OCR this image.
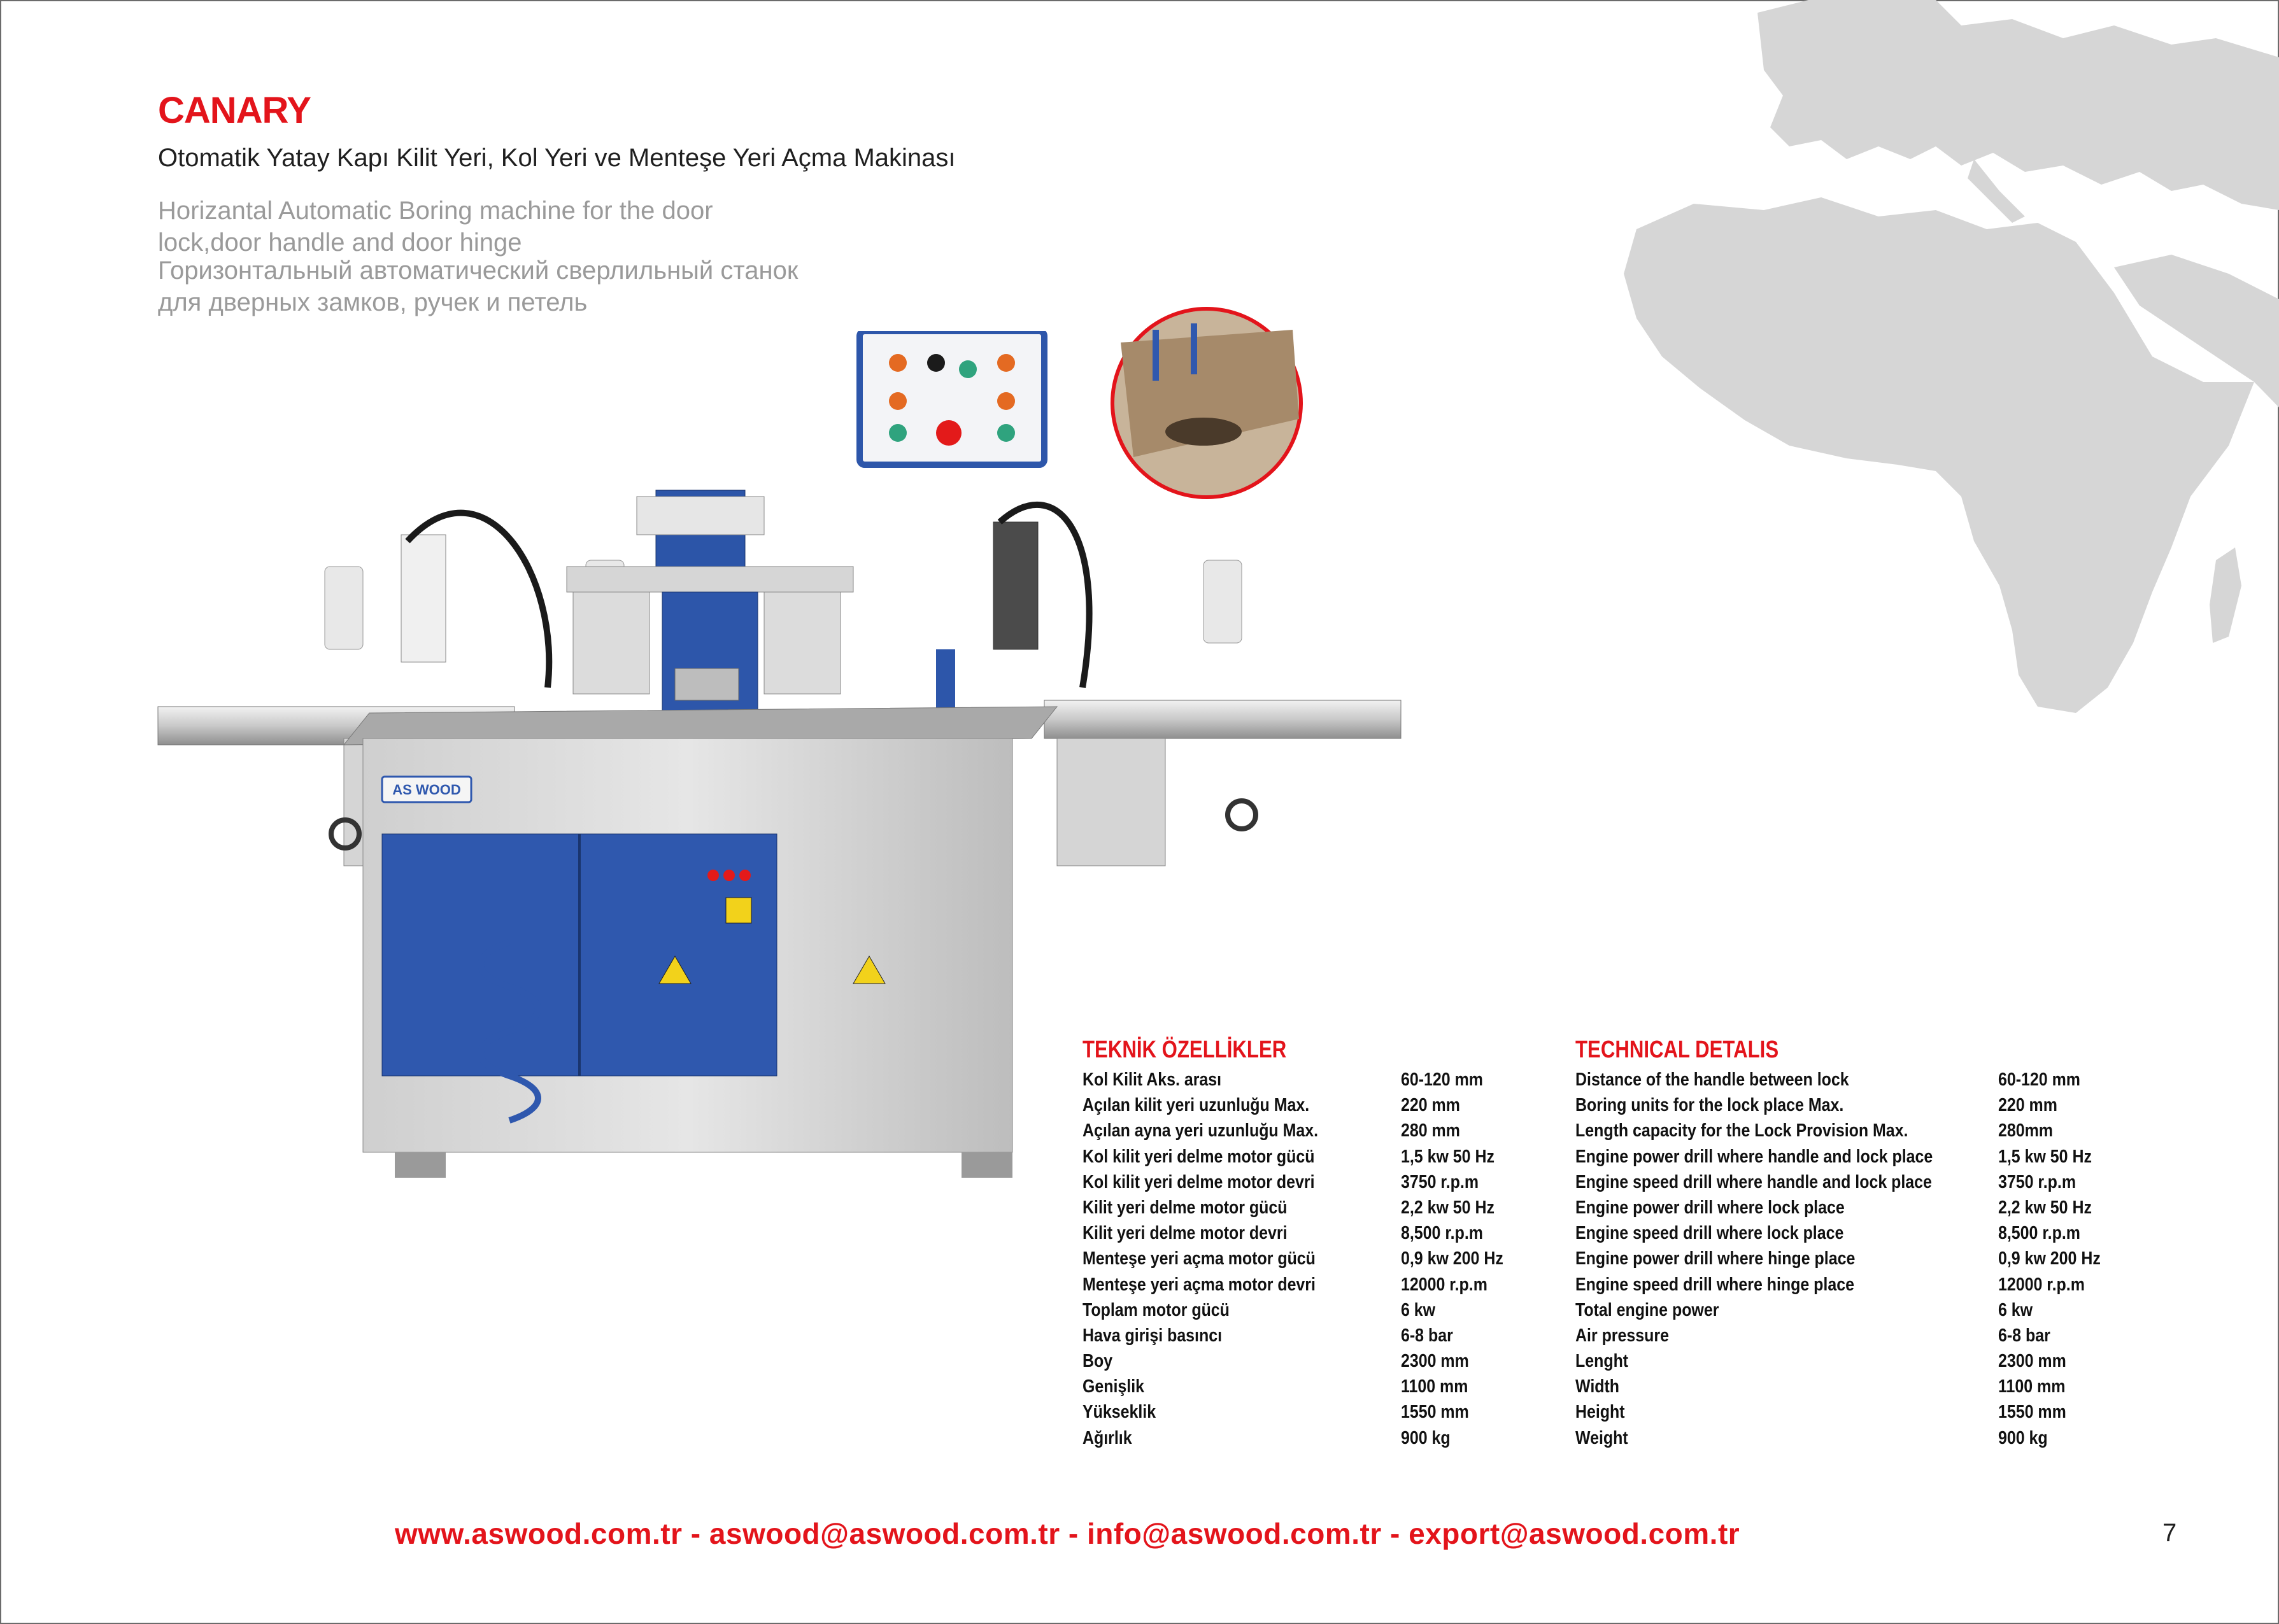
CANARY
Otomatik Yatay Kapı Kilit Yeri, Kol Yeri ve Menteşe Yeri Açma Makinası
Horizantal Automatic Boring machine for the door lock,door handle and door hinge
Горизонтальный автоматический сверлильный станок для дверных замков, ручек и петель
AS WOOD
TEKNİK ÖZELLİKLER
Kol Kilit Aks. arası	60-120 mm
Açılan kilit yeri uzunluğu Max.	220 mm
Açılan ayna yeri uzunluğu Max.	280 mm
Kol kilit yeri delme motor gücü	1,5 kw 50 Hz
Kol kilit yeri delme motor devri	3750 r.p.m
Kilit yeri delme motor gücü	2,2 kw 50 Hz
Kilit yeri delme motor devri	8,500 r.p.m
Menteşe yeri açma motor gücü	0,9 kw 200 Hz
Menteşe yeri açma motor devri	12000 r.p.m
Toplam motor gücü	6 kw
Hava girişi basıncı	6-8 bar
Boy	2300 mm
Genişlik	1100 mm
Yükseklik	1550 mm
Ağırlık	900 kg
TECHNICAL DETALIS
Distance of the handle between lock	60-120 mm
Boring units for the lock place Max.	220 mm
Length capacity for the Lock Provision Max.	280mm
Engine power drill where handle and lock place	1,5 kw 50 Hz
Engine speed drill where handle and lock place	3750 r.p.m
Engine power drill where lock place	2,2 kw 50 Hz
Engine speed drill where lock place	8,500 r.p.m
Engine power drill where hinge place	0,9 kw 200 Hz
Engine speed drill where hinge place	12000 r.p.m
Total engine power	6 kw
Air pressure	6-8 bar
Lenght	2300 mm
Width	1100 mm
Height	1550 mm
Weight	900 kg
www.aswood.com.tr - aswood@aswood.com.tr - info@aswood.com.tr - export@aswood.com.tr	7
